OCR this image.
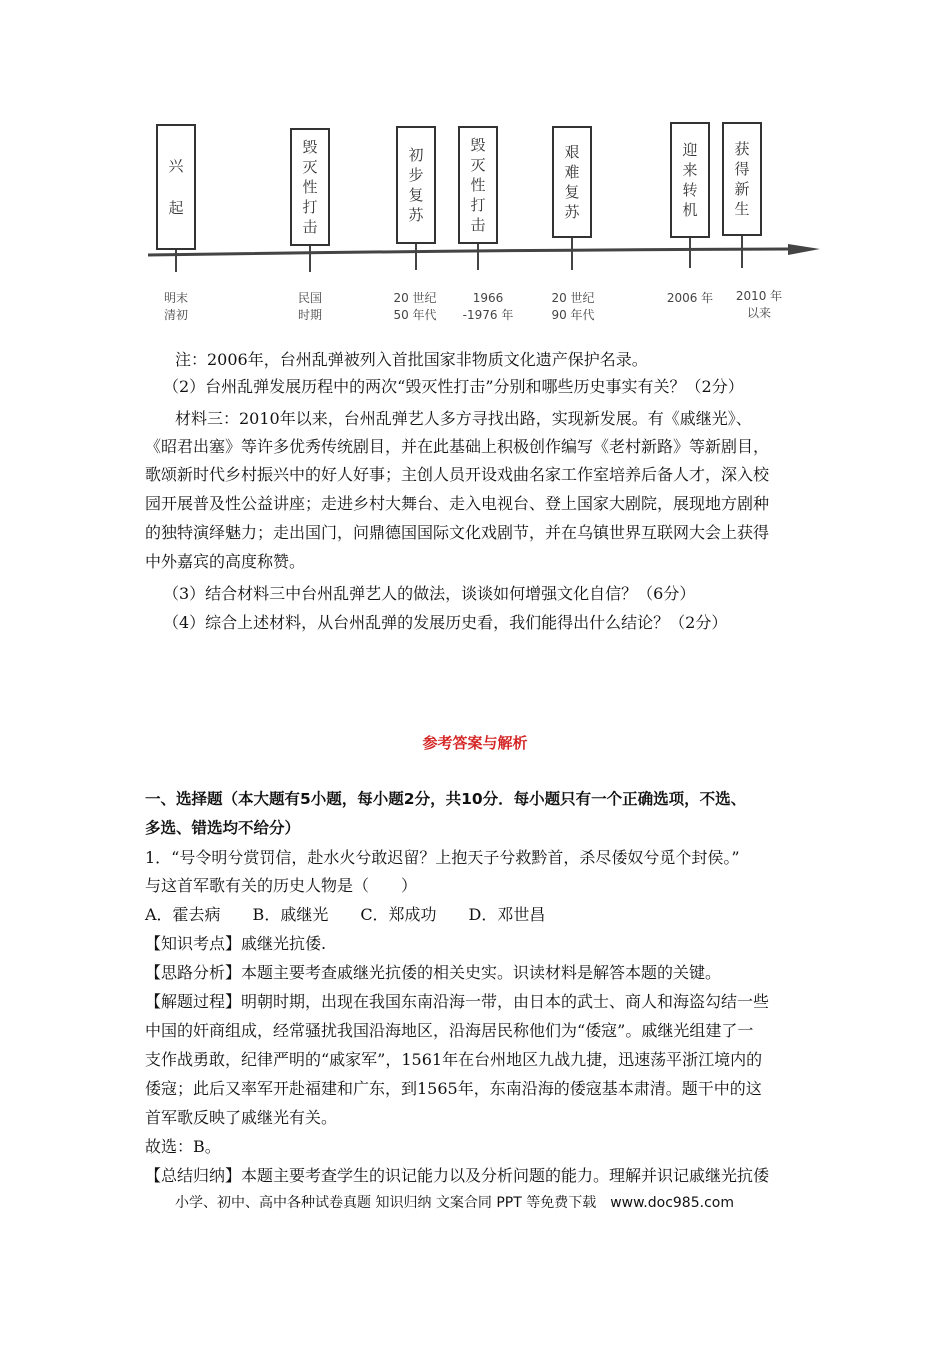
兴
起
毁
灭
性
打
击
初
步
复
苏
毁
灭
性
打
击
艰
难
复
苏
迎
来
转
机
获
得
新
生
明末
清初
民国
时期
20 世纪
50 年代
1966
-1976 年
20 世纪
90 年代
2006 年	2010 年
以来
注：2006年，台州乱弹被列入首批国家非物质文化遗产保护名录。
（2）台州乱弹发展历程中的两次“毁灭性打击”分别和哪些历史事实有关？（2分）
材料三：2010年以来，台州乱弹艺人多方寻找出路，实现新发展。有《戚继光》、
《昭君出塞》等许多优秀传统剧目，并在此基础上积极创作编写《老村新路》等新剧目，
歌颂新时代乡村振兴中的好人好事；主创人员开设戏曲名家工作室培养后备人才，深入校
园开展普及性公益讲座；走进乡村大舞台、走入电视台、登上国家大剧院，展现地方剧种
的独特演绎魅力；走出国门，问鼎德国国际文化戏剧节，并在乌镇世界互联网大会上获得
中外嘉宾的高度称赞。
（3）结合材料三中台州乱弹艺人的做法，谈谈如何增强文化自信？（6分）
（4）综合上述材料，从台州乱弹的发展历史看，我们能得出什么结论？（2分）
参考答案与解析
一、选择题（本大题有5小题，每小题2分，共10分．每小题只有一个正确选项，不选、
多选、错选均不给分）
1．“号令明兮赏罚信，赴水火兮敢迟留？上抱天子兮救黔首，杀尽倭奴兮觅个封侯。”
与这首军歌有关的历史人物是（　　）
A．霍去病　　B．戚继光　　C．郑成功　　D．邓世昌
【知识考点】戚继光抗倭.
【思路分析】本题主要考查戚继光抗倭的相关史实。识读材料是解答本题的关键。
【解题过程】明朝时期，出现在我国东南沿海一带，由日本的武士、商人和海盗勾结一些
中国的奸商组成，经常骚扰我国沿海地区，沿海居民称他们为“倭寇”。戚继光组建了一
支作战勇敢，纪律严明的“戚家军”，1561年在台州地区九战九捷，迅速荡平浙江境内的
倭寇；此后又率军开赴福建和广东，到1565年，东南沿海的倭寇基本肃清。题干中的这
首军歌反映了戚继光有关。
故选：B。
【总结归纳】本题主要考查学生的识记能力以及分析问题的能力。理解并识记戚继光抗倭
小学、初中、高中各种试卷真题 知识归纳 文案合同 PPT 等免费下载　www.doc985.com
